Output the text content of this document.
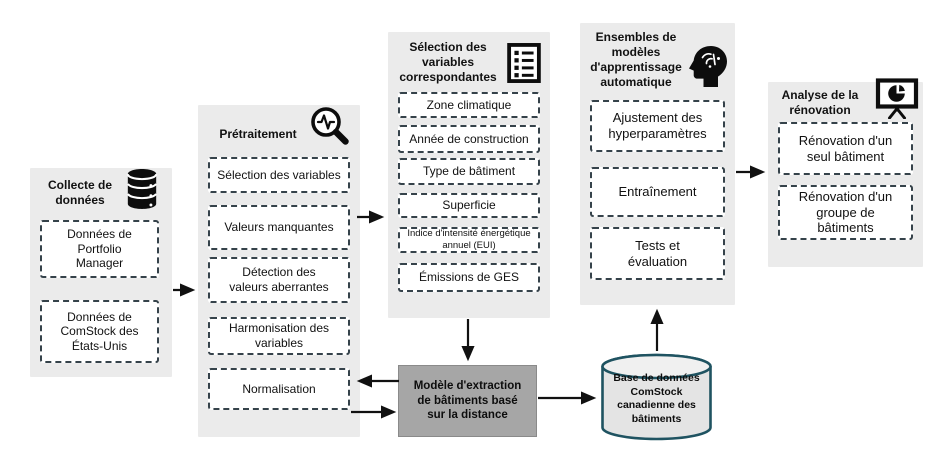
Collecte de données
Données de Portfolio Manager
Données de ComStock des États-Unis
Prétraitement
Sélection des variables
Valeurs manquantes
Détection des valeurs aberrantes
Harmonisation des variables
Normalisation
Sélection des variables correspondantes
Zone climatique
Année de construction
Type de bâtiment
Superficie
Indice d'intensité énergétique annuel (EUI)
Émissions de GES
Ensembles de modèles d'apprentissage automatique
Ajustement des hyperparamètres
Entraînement
Tests et évaluation
Analyse de la rénovation
Rénovation d'un seul bâtiment
Rénovation d'un groupe de bâtiments
Modèle d'extraction de bâtiments basé sur la distance
Base de données ComStock canadienne des bâtiments
